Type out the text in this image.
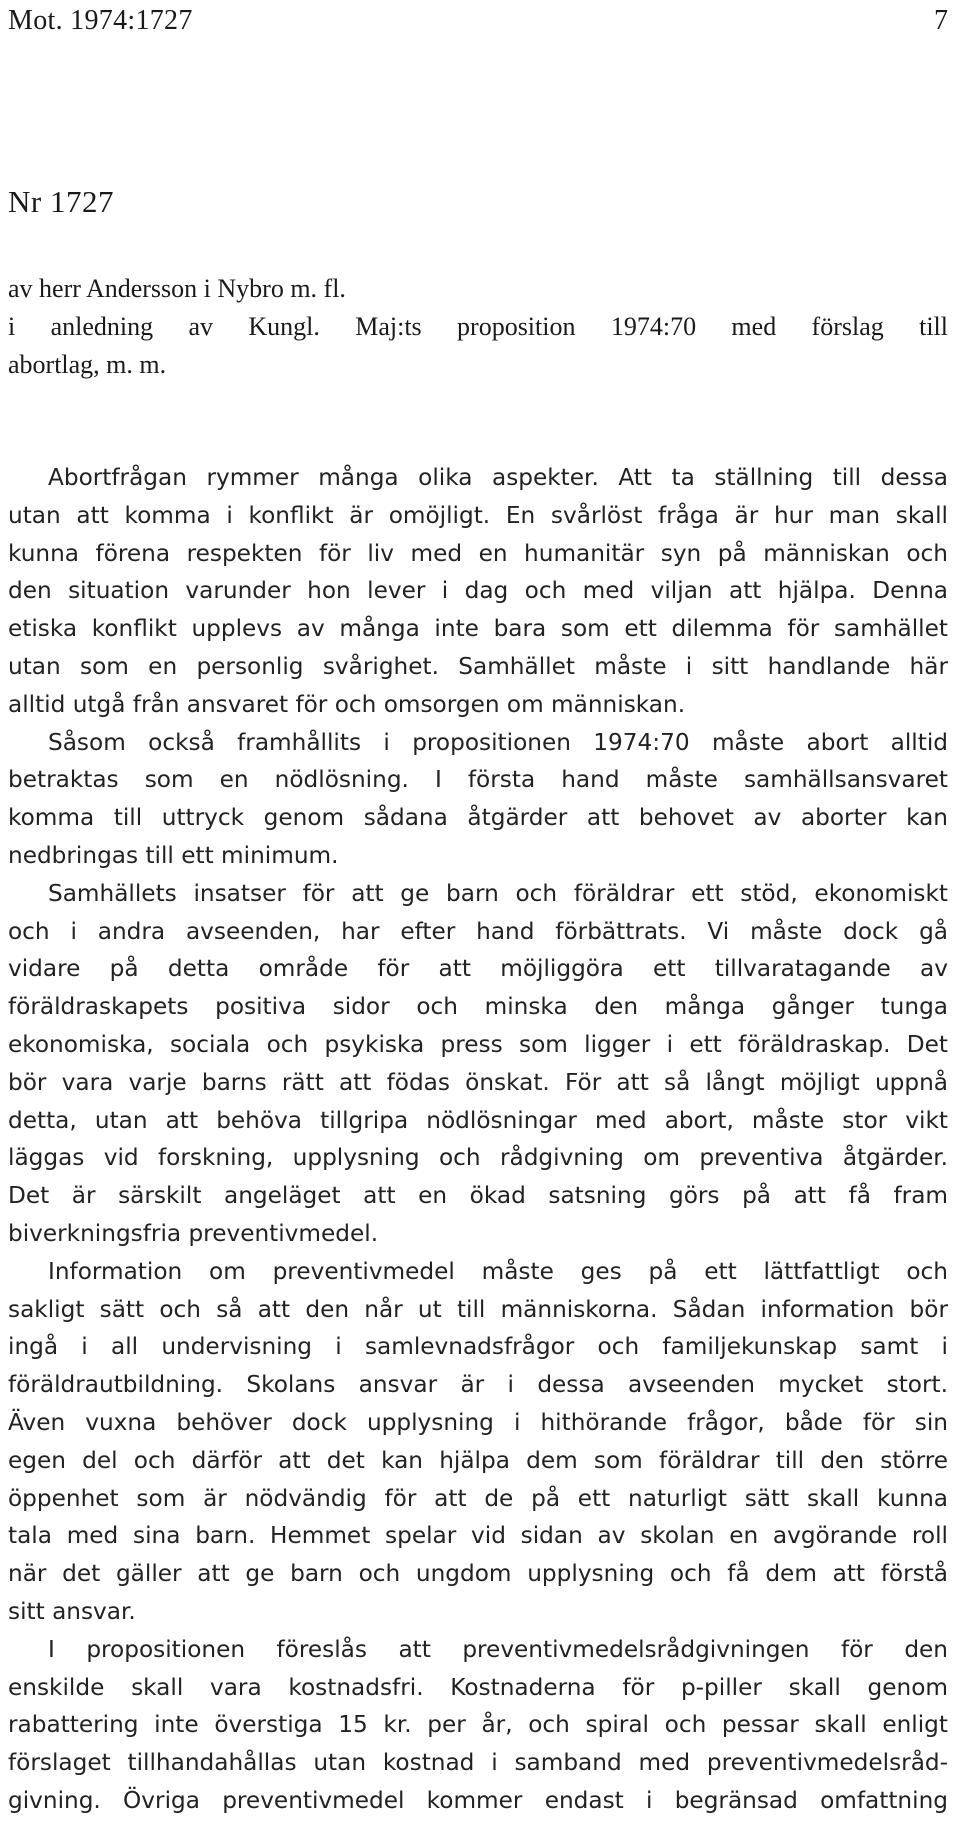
Mot. 1974:1727	7
Nr 1727
av herr Andersson i Nybro m. fl.
i anledning av Kungl. Maj:ts proposition 1974:70 med förslag till
abortlag, m. m.
Abortfrågan rymmer många olika aspekter. Att ta ställning till dessa
utan att komma i konflikt är omöjligt. En svårlöst fråga är hur man skall
kunna förena respekten för liv med en humanitär syn på människan och
den situation varunder hon lever i dag och med viljan att hjälpa. Denna
etiska konflikt upplevs av många inte bara som ett dilemma för samhället
utan som en personlig svårighet. Samhället måste i sitt handlande här
alltid utgå från ansvaret för och omsorgen om människan.
Såsom också framhållits i propositionen 1974:70 måste abort alltid
betraktas som en nödlösning. I första hand måste samhällsansvaret
komma till uttryck genom sådana åtgärder att behovet av aborter kan
nedbringas till ett minimum.
Samhällets insatser för att ge barn och föräldrar ett stöd, ekonomiskt
och i andra avseenden, har efter hand förbättrats. Vi måste dock gå
vidare på detta område för att möjliggöra ett tillvaratagande av
föräldraskapets positiva sidor och minska den många gånger tunga
ekonomiska, sociala och psykiska press som ligger i ett föräldraskap. Det
bör vara varje barns rätt att födas önskat. För att så långt möjligt uppnå
detta, utan att behöva tillgripa nödlösningar med abort, måste stor vikt
läggas vid forskning, upplysning och rådgivning om preventiva åtgärder.
Det är särskilt angeläget att en ökad satsning görs på att få fram
biverkningsfria preventivmedel.
Information om preventivmedel måste ges på ett lättfattligt och
sakligt sätt och så att den når ut till människorna. Sådan information bör
ingå i all undervisning i samlevnadsfrågor och familjekunskap samt i
föräldrautbildning. Skolans ansvar är i dessa avseenden mycket stort.
Även vuxna behöver dock upplysning i hithörande frågor, både för sin
egen del och därför att det kan hjälpa dem som föräldrar till den större
öppenhet som är nödvändig för att de på ett naturligt sätt skall kunna
tala med sina barn. Hemmet spelar vid sidan av skolan en avgörande roll
när det gäller att ge barn och ungdom upplysning och få dem att förstå
sitt ansvar.
I propositionen föreslås att preventivmedelsrådgivningen för den
enskilde skall vara kostnadsfri. Kostnaderna för p-piller skall genom
rabattering inte överstiga 15 kr. per år, och spiral och pessar skall enligt
förslaget tillhandahållas utan kostnad i samband med preventivmedelsråd-
givning. Övriga preventivmedel kommer endast i begränsad omfattning
